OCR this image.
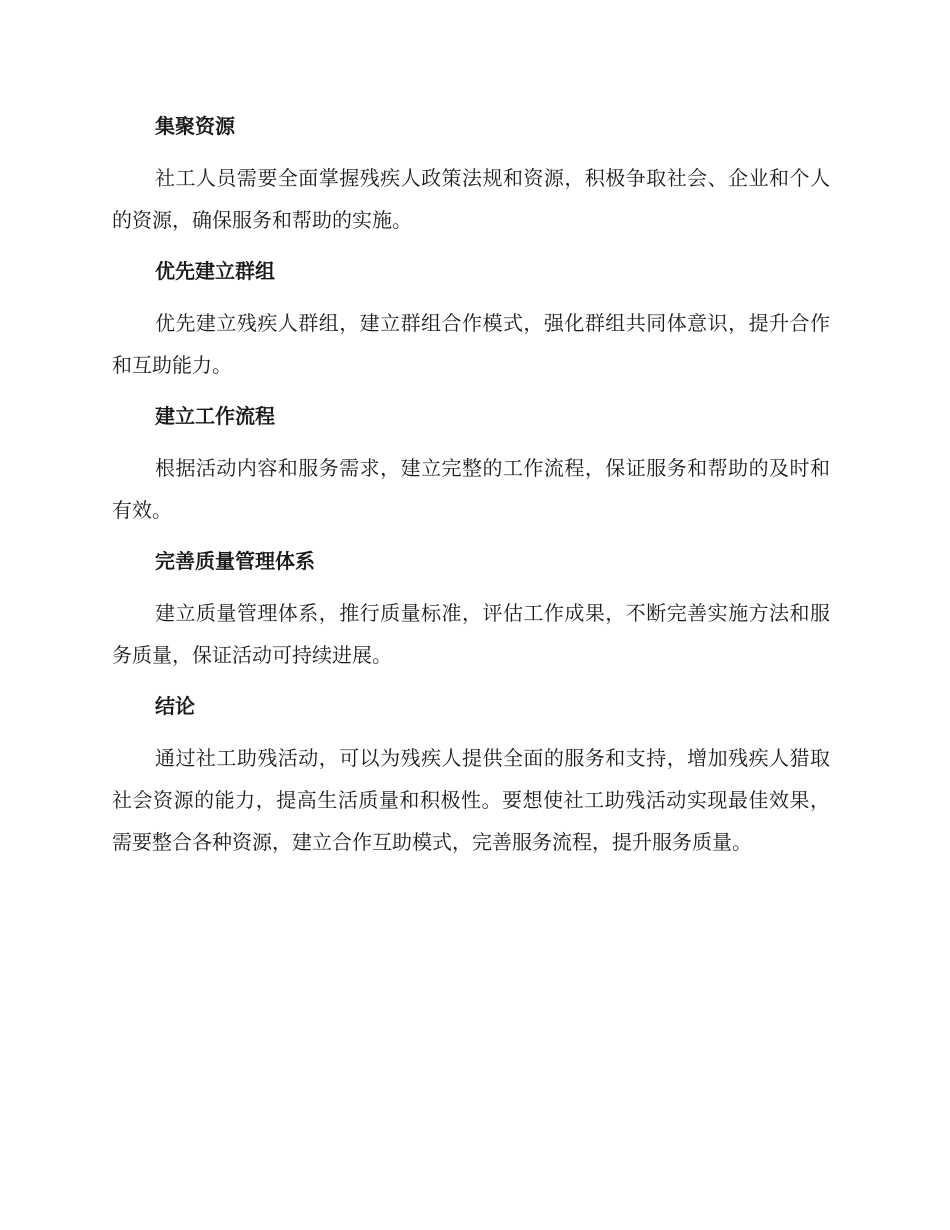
集聚资源

社工人员需要全面掌握残疾人政策法规和资源，积极争取社会、企业和个人的资源，确保服务和帮助的实施。

优先建立群组

优先建立残疾人群组，建立群组合作模式，强化群组共同体意识，提升合作和互助能力。

建立工作流程

根据活动内容和服务需求，建立完整的工作流程，保证服务和帮助的及时和有效。

完善质量管理体系

建立质量管理体系，推行质量标准，评估工作成果，不断完善实施方法和服务质量，保证活动可持续进展。

结论

通过社工助残活动，可以为残疾人提供全面的服务和支持，增加残疾人猎取社会资源的能力，提高生活质量和积极性。要想使社工助残活动实现最佳效果，需要整合各种资源，建立合作互助模式，完善服务流程，提升服务质量。
